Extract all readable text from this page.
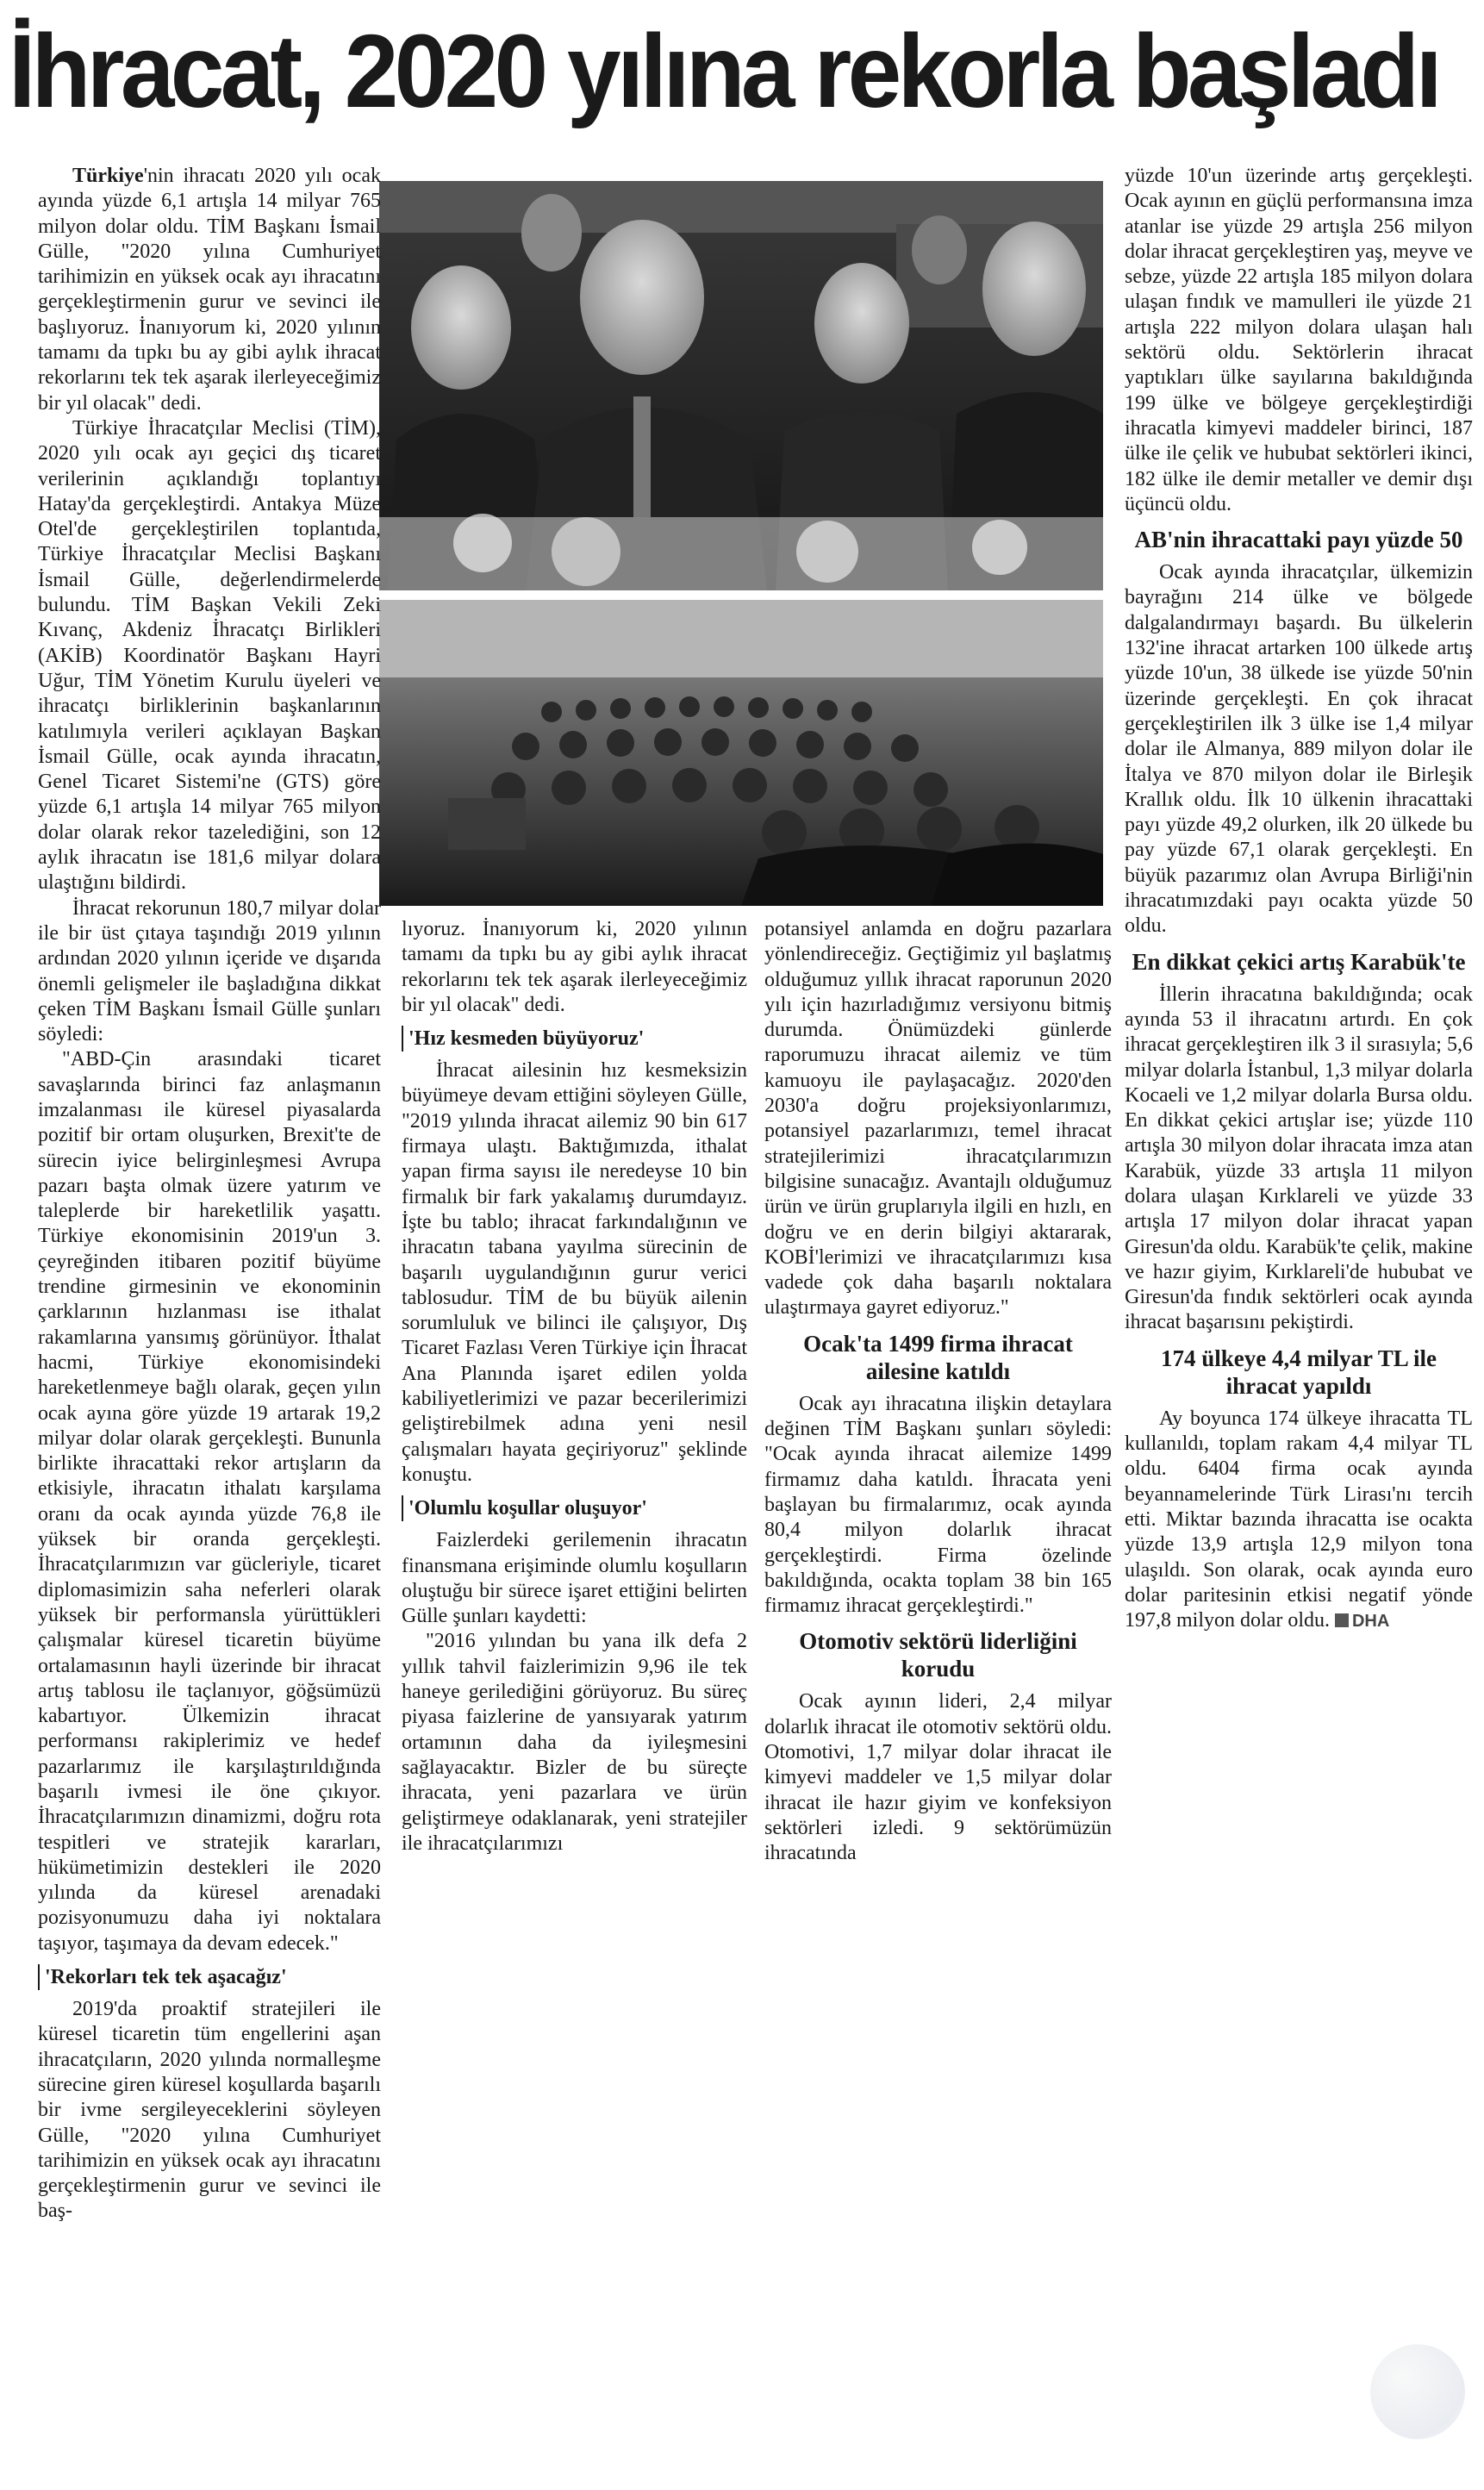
İhracat, 2020 yılına rekorla başladı

Türkiye'nin ihracatı 2020 yılı ocak ayında yüzde 6,1 artışla 14 milyar 765 milyon dolar oldu. TİM Başkanı İsmail Gülle, "2020 yılına Cumhuriyet tarihimizin en yüksek ocak ayı ihracatını gerçekleştirmenin gurur ve sevinci ile başlıyoruz. İnanıyorum ki, 2020 yılının tamamı da tıpkı bu ay gibi aylık ihracat rekorlarını tek tek aşarak ilerleyeceğimiz bir yıl olacak" dedi.

Türkiye İhracatçılar Meclisi (TİM), 2020 yılı ocak ayı geçici dış ticaret verilerinin açıklandığı toplantıyı Hatay'da gerçekleştirdi. Antakya Müze Otel'de gerçekleştirilen toplantıda, Türkiye İhracatçılar Meclisi Başkanı İsmail Gülle, değerlendirmelerde bulundu. TİM Başkan Vekili Zeki Kıvanç, Akdeniz İhracatçı Birlikleri (AKİB) Koordinatör Başkanı Hayri Uğur, TİM Yönetim Kurulu üyeleri ve ihracatçı birliklerinin başkanlarının katılımıyla verileri açıklayan Başkan İsmail Gülle, ocak ayında ihracatın, Genel Ticaret Sistemi'ne (GTS) göre yüzde 6,1 artışla 14 milyar 765 milyon dolar olarak rekor tazelediğini, son 12 aylık ihracatın ise 181,6 milyar dolara ulaştığını bildirdi.

İhracat rekorunun 180,7 milyar dolar ile bir üst çıtaya taşındığı 2019 yılının ardından 2020 yılının içeride ve dışarıda önemli gelişmeler ile başladığına dikkat çeken TİM Başkanı İsmail Gülle şunları söyledi:

"ABD-Çin arasındaki ticaret savaşlarında birinci faz anlaşmanın imzalanması ile küresel piyasalarda pozitif bir ortam oluşurken, Brexit'te de sürecin iyice belirginleşmesi Avrupa pazarı başta olmak üzere yatırım ve taleplerde bir hareketlilik yaşattı. Türkiye ekonomisinin 2019'un 3. çeyreğinden itibaren pozitif büyüme trendine girmesinin ve ekonominin çarklarının hızlanması ise ithalat rakamlarına yansımış görünüyor. İthalat hacmi, Türkiye ekonomisindeki hareketlenmeye bağlı olarak, geçen yılın ocak ayına göre yüzde 19 artarak 19,2 milyar dolar olarak gerçekleşti. Bununla birlikte ihracattaki rekor artışların da etkisiyle, ihracatın ithalatı karşılama oranı da ocak ayında yüzde 76,8 ile yüksek bir oranda gerçekleşti. İhracatçılarımızın var gücleriyle, ticaret diplomasimizin saha neferleri olarak yüksek bir performansla yürüttükleri çalışmalar küresel ticaretin büyüme ortalamasının hayli üzerinde bir ihracat artış tablosu ile taçlanıyor, göğsümüzü kabartıyor. Ülkemizin ihracat performansı rakiplerimiz ve hedef pazarlarımız ile karşılaştırıldığında başarılı ivmesi ile öne çıkıyor. İhracatçılarımızın dinamizmi, doğru rota tespitleri ve stratejik kararları, hükümetimizin destekleri ile 2020 yılında da küresel arenadaki pozisyonumuzu daha iyi noktalara taşıyor, taşımaya da devam edecek."

'Rekorları tek tek aşacağız'

2019'da proaktif stratejileri ile küresel ticaretin tüm engellerini aşan ihracatçıların, 2020 yılında normalleşme sürecine giren küresel koşullarda başarılı bir ivme sergileyeceklerini söyleyen Gülle, "2020 yılına Cumhuriyet tarihimizin en yüksek ocak ayı ihracatını gerçekleştirmenin gurur ve sevinci ile baş-

lıyoruz. İnanıyorum ki, 2020 yılının tamamı da tıpkı bu ay gibi aylık ihracat rekorlarını tek tek aşarak ilerleyeceğimiz bir yıl olacak" dedi.

'Hız kesmeden büyüyoruz'

İhracat ailesinin hız kesmeksizin büyümeye devam ettiğini söyleyen Gülle, "2019 yılında ihracat ailemiz 90 bin 617 firmaya ulaştı. Baktığımızda, ithalat yapan firma sayısı ile neredeyse 10 bin firmalık bir fark yakalamış durumdayız. İşte bu tablo; ihracat farkındalığının ve ihracatın tabana yayılma sürecinin de başarılı uygulandığının gurur verici tablosudur. TİM de bu büyük ailenin sorumluluk ve bilinci ile çalışıyor, Dış Ticaret Fazlası Veren Türkiye için İhracat Ana Planında işaret edilen yolda kabiliyetlerimizi ve pazar becerilerimizi geliştirebilmek adına yeni nesil çalışmaları hayata geçiriyoruz" şeklinde konuştu.

'Olumlu koşullar oluşuyor'

Faizlerdeki gerilemenin ihracatın finansmana erişiminde olumlu koşulların oluştuğu bir sürece işaret ettiğini belirten Gülle şunları kaydetti:

"2016 yılından bu yana ilk defa 2 yıllık tahvil faizlerimizin 9,96 ile tek haneye gerilediğini görüyoruz. Bu süreç piyasa faizlerine de yansıyarak yatırım ortamının daha da iyileşmesini sağlayacaktır. Bizler de bu süreçte ihracata, yeni pazarlara ve ürün geliştirmeye odaklanarak, yeni stratejiler ile ihracatçılarımızı

potansiyel anlamda en doğru pazarlara yönlendireceğiz. Geçtiğimiz yıl başlatmış olduğumuz yıllık ihracat raporunun 2020 yılı için hazırladığımız versiyonu bitmiş durumda. Önümüzdeki günlerde raporumuzu ihracat ailemiz ve tüm kamuoyu ile paylaşacağız. 2020'den 2030'a doğru projeksiyonlarımızı, potansiyel pazarlarımızı, temel ihracat stratejilerimizi ihracatçılarımızın bilgisine sunacağız. Avantajlı olduğumuz ürün ve ürün gruplarıyla ilgili en hızlı, en doğru ve en derin bilgiyi aktararak, KOBİ'lerimizi ve ihracatçılarımızı kısa vadede çok daha başarılı noktalara ulaştırmaya gayret ediyoruz."

Ocak'ta 1499 firma ihracat ailesine katıldı

Ocak ayı ihracatına ilişkin detaylara değinen TİM Başkanı şunları söyledi: "Ocak ayında ihracat ailemize 1499 firmamız daha katıldı. İhracata yeni başlayan bu firmalarımız, ocak ayında 80,4 milyon dolarlık ihracat gerçekleştirdi. Firma özelinde bakıldığında, ocakta toplam 38 bin 165 firmamız ihracat gerçekleştirdi."

Otomotiv sektörü liderliğini korudu

Ocak ayının lideri, 2,4 milyar dolarlık ihracat ile otomotiv sektörü oldu. Otomotivi, 1,7 milyar dolar ihracat ile kimyevi maddeler ve 1,5 milyar dolar ihracat ile hazır giyim ve konfeksiyon sektörleri izledi. 9 sektörümüzün ihracatında

yüzde 10'un üzerinde artış gerçekleşti. Ocak ayının en güçlü performansına imza atanlar ise yüzde 29 artışla 256 milyon dolar ihracat gerçekleştiren yaş, meyve ve sebze, yüzde 22 artışla 185 milyon dolara ulaşan fındık ve mamulleri ile yüzde 21 artışla 222 milyon dolara ulaşan halı sektörü oldu. Sektörlerin ihracat yaptıkları ülke sayılarına bakıldığında 199 ülke ve bölgeye gerçekleştirdiği ihracatla kimyevi maddeler birinci, 187 ülke ile çelik ve hububat sektörleri ikinci, 182 ülke ile demir metaller ve demir dışı üçüncü oldu.

AB'nin ihracattaki payı yüzde 50

Ocak ayında ihracatçılar, ülkemizin bayrağını 214 ülke ve bölgede dalgalandırmayı başardı. Bu ülkelerin 132'ine ihracat artarken 100 ülkede artış yüzde 10'un, 38 ülkede ise yüzde 50'nin üzerinde gerçekleşti. En çok ihracat gerçekleştirilen ilk 3 ülke ise 1,4 milyar dolar ile Almanya, 889 milyon dolar ile İtalya ve 870 milyon dolar ile Birleşik Krallık oldu. İlk 10 ülkenin ihracattaki payı yüzde 49,2 olurken, ilk 20 ülkede bu pay yüzde 67,1 olarak gerçekleşti. En büyük pazarımız olan Avrupa Birliği'nin ihracatımızdaki payı ocakta yüzde 50 oldu.

En dikkat çekici artış Karabük'te

İllerin ihracatına bakıldığında; ocak ayında 53 il ihracatını artırdı. En çok ihracat gerçekleştiren ilk 3 il sırasıyla; 5,6 milyar dolarla İstanbul, 1,3 milyar dolarla Kocaeli ve 1,2 milyar dolarla Bursa oldu. En dikkat çekici artışlar ise; yüzde 110 artışla 30 milyon dolar ihracata imza atan Karabük, yüzde 33 artışla 11 milyon dolara ulaşan Kırklareli ve yüzde 33 artışla 17 milyon dolar ihracat yapan Giresun'da oldu. Karabük'te çelik, makine ve hazır giyim, Kırklareli'de hububat ve Giresun'da fındık sektörleri ocak ayında ihracat başarısını pekiştirdi.

174 ülkeye 4,4 milyar TL ile ihracat yapıldı

Ay boyunca 174 ülkeye ihracatta TL kullanıldı, toplam rakam 4,4 milyar TL oldu. 6404 firma ocak ayında beyannamelerinde Türk Lirası'nı tercih etti. Miktar bazında ihracatta ise ocakta yüzde 13,9 artışla 12,9 milyon tona ulaşıldı. Son olarak, ocak ayında euro dolar paritesinin etkisi negatif yönde 197,8 milyon dolar oldu. DHA
